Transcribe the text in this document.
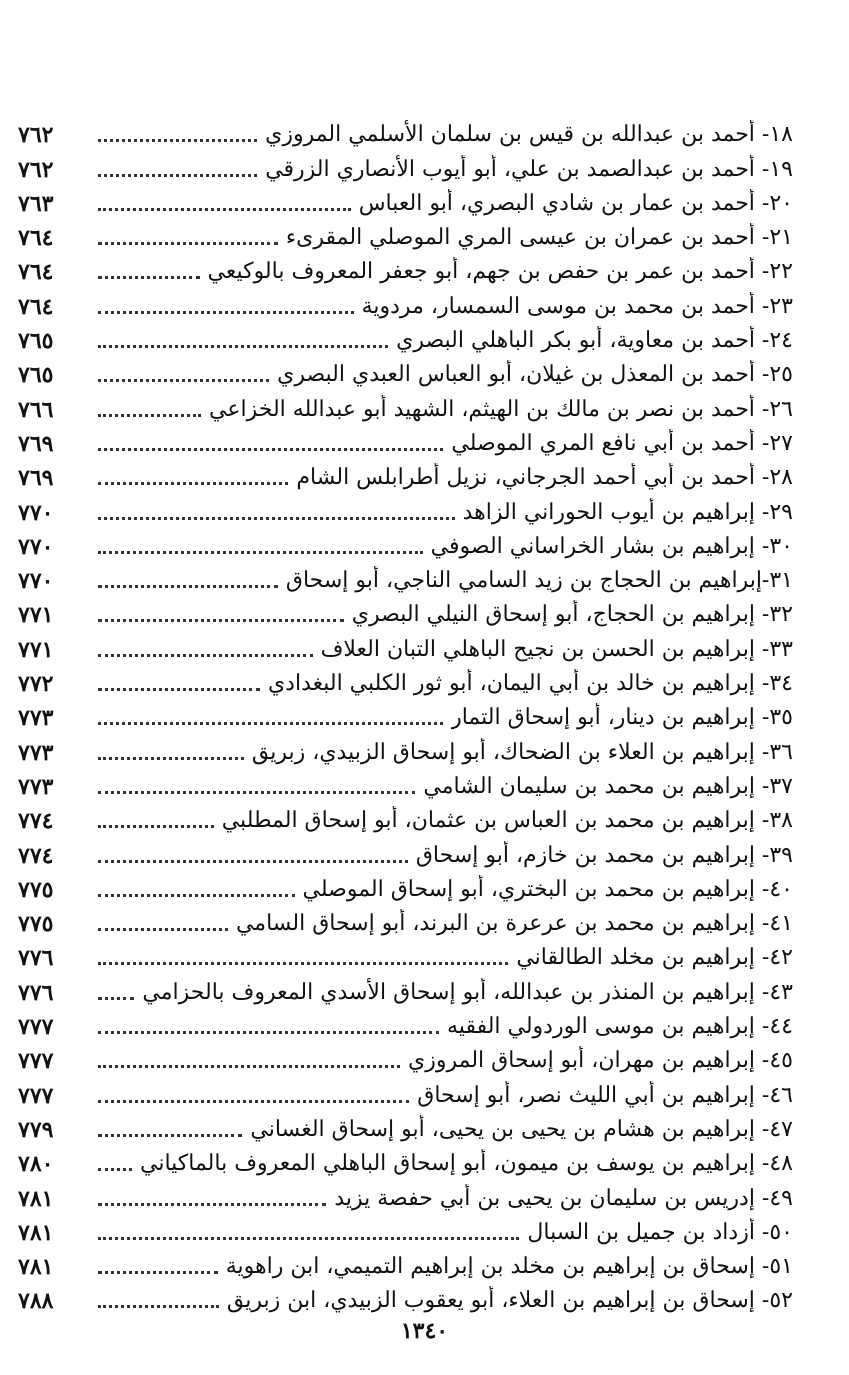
٧٦٢	١٨- أحمد بن عبدالله بن قيس بن سلمان الأسلمي المروزي
٧٦٢	١٩- أحمد بن عبدالصمد بن علي، أبو أيوب الأنصاري الزرقي
٧٦٣	٢٠- أحمد بن عمار بن شادي البصري، أبو العباس
٧٦٤	٢١- أحمد بن عمران بن عيسى المري الموصلي المقرىء
٧٦٤	٢٢- أحمد بن عمر بن حفص بن جهم، أبو جعفر المعروف بالوكيعي
٧٦٤	٢٣- أحمد بن محمد بن موسى السمسار، مردوية
٧٦٥	٢٤- أحمد بن معاوية، أبو بكر الباهلي البصري
٧٦٥	٢٥- أحمد بن المعذل بن غيلان، أبو العباس العبدي البصري
٧٦٦	٢٦- أحمد بن نصر بن مالك بن الهيثم، الشهيد أبو عبدالله الخزاعي
٧٦٩	٢٧- أحمد بن أبي نافع المري الموصلي
٧٦٩	٢٨- أحمد بن أبي أحمد الجرجاني، نزيل أطرابلس الشام
٧٧٠	٢٩- إبراهيم بن أيوب الحوراني الزاهد
٧٧٠	٣٠- إبراهيم بن بشار الخراساني الصوفي
٧٧٠	٣١-إبراهيم بن الحجاج بن زيد السامي الناجي، أبو إسحاق
٧٧١	٣٢- إبراهيم بن الحجاج، أبو إسحاق النيلي البصري
٧٧١	٣٣- إبراهيم بن الحسن بن نجيح الباهلي التبان العلاف
٧٧٢	٣٤- إبراهيم بن خالد بن أبي اليمان، أبو ثور الكلبي البغدادي
٧٧٣	٣٥- إبراهيم بن دينار، أبو إسحاق التمار
٧٧٣	٣٦- إبراهيم بن العلاء بن الضحاك، أبو إسحاق الزبيدي، زبريق
٧٧٣	٣٧- إبراهيم بن محمد بن سليمان الشامي
٧٧٤	٣٨- إبراهيم بن محمد بن العباس بن عثمان، أبو إسحاق المطلبي
٧٧٤	٣٩- إبراهيم بن محمد بن خازم، أبو إسحاق
٧٧٥	٤٠- إبراهيم بن محمد بن البختري، أبو إسحاق الموصلي
٧٧٥	٤١- إبراهيم بن محمد بن عرعرة بن البرند، أبو إسحاق السامي
٧٧٦	٤٢- إبراهيم بن مخلد الطالقاني
٧٧٦	٤٣- إبراهيم بن المنذر بن عبدالله، أبو إسحاق الأسدي المعروف بالحزامي
٧٧٧	٤٤- إبراهيم بن موسى الوردولي الفقيه
٧٧٧	٤٥- إبراهيم بن مهران، أبو إسحاق المروزي
٧٧٧	٤٦- إبراهيم بن أبي الليث نصر، أبو إسحاق
٧٧٩	٤٧- إبراهيم بن هشام بن يحيى بن يحيى، أبو إسحاق الغساني
٧٨٠	٤٨- إبراهيم بن يوسف بن ميمون، أبو إسحاق الباهلي المعروف بالماكياني
٧٨١	٤٩- إدريس بن سليمان بن يحيى بن أبي حفصة يزيد
٧٨١	٥٠- أزداد بن جميل بن السبال
٧٨١	٥١- إسحاق بن إبراهيم بن مخلد بن إبراهيم التميمي، ابن راهوية
٧٨٨	٥٢- إسحاق بن إبراهيم بن العلاء، أبو يعقوب الزبيدي، ابن زبريق
١٣٤٠
